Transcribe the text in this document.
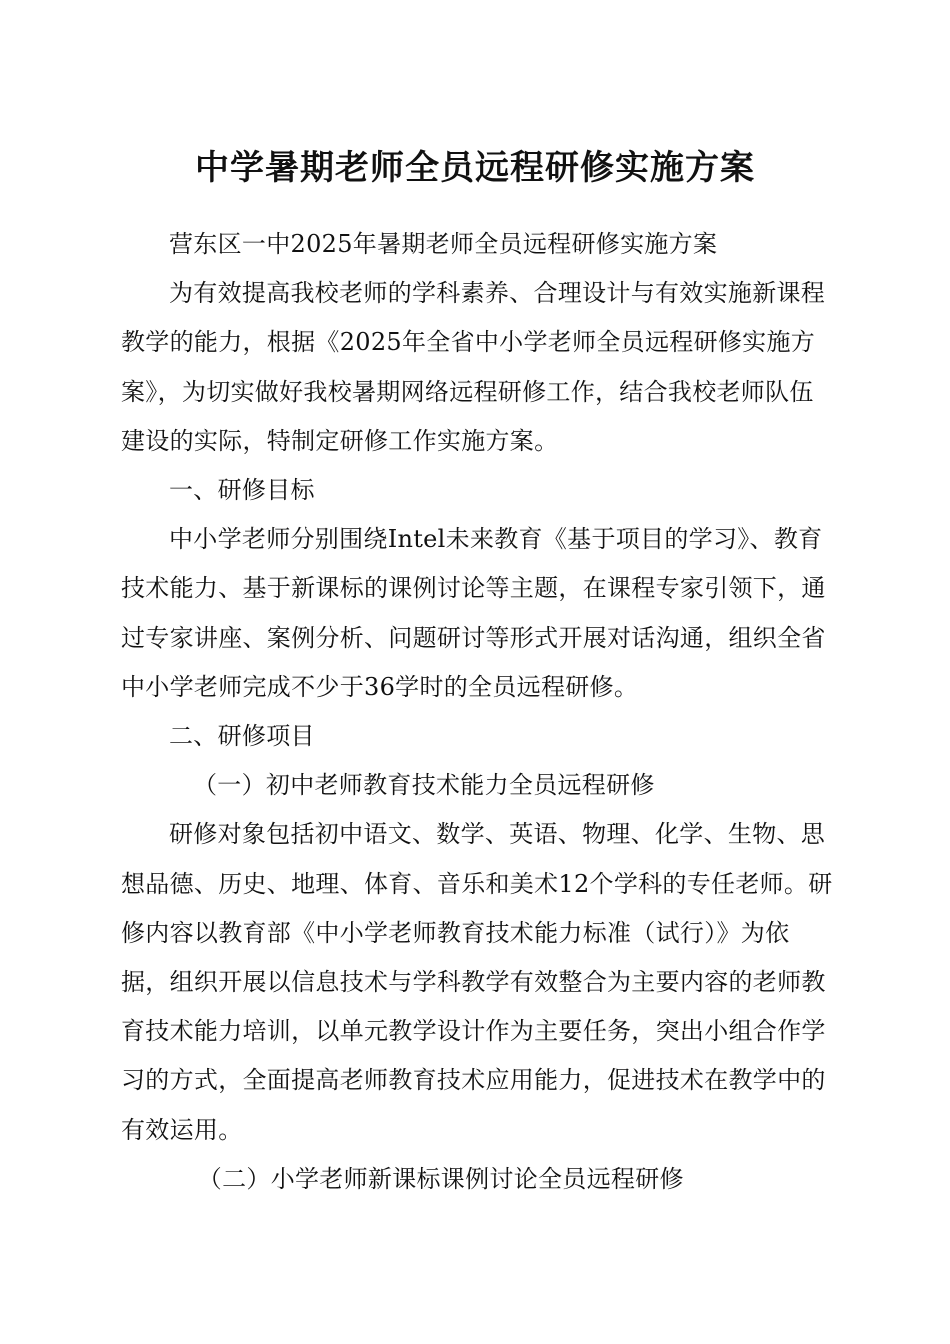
中学暑期老师全员远程研修实施方案

营东区一中2025年暑期老师全员远程研修实施方案

为有效提高我校老师的学科素养、合理设计与有效实施新课程教学的能力，根据《2025年全省中小学老师全员远程研修实施方案》，为切实做好我校暑期网络远程研修工作，结合我校老师队伍建设的实际，特制定研修工作实施方案。

一、研修目标

中小学老师分别围绕Intel未来教育《基于项目的学习》、教育技术能力、基于新课标的课例讨论等主题，在课程专家引领下，通过专家讲座、案例分析、问题研讨等形式开展对话沟通，组织全省中小学老师完成不少于36学时的全员远程研修。

二、研修项目

（一）初中老师教育技术能力全员远程研修

研修对象包括初中语文、数学、英语、物理、化学、生物、思想品德、历史、地理、体育、音乐和美术12个学科的专任老师。研修内容以教育部《中小学老师教育技术能力标准（试行）》为依据，组织开展以信息技术与学科教学有效整合为主要内容的老师教育技术能力培训，以单元教学设计作为主要任务，突出小组合作学习的方式，全面提高老师教育技术应用能力，促进技术在教学中的有效运用。

（二）小学老师新课标课例讨论全员远程研修
